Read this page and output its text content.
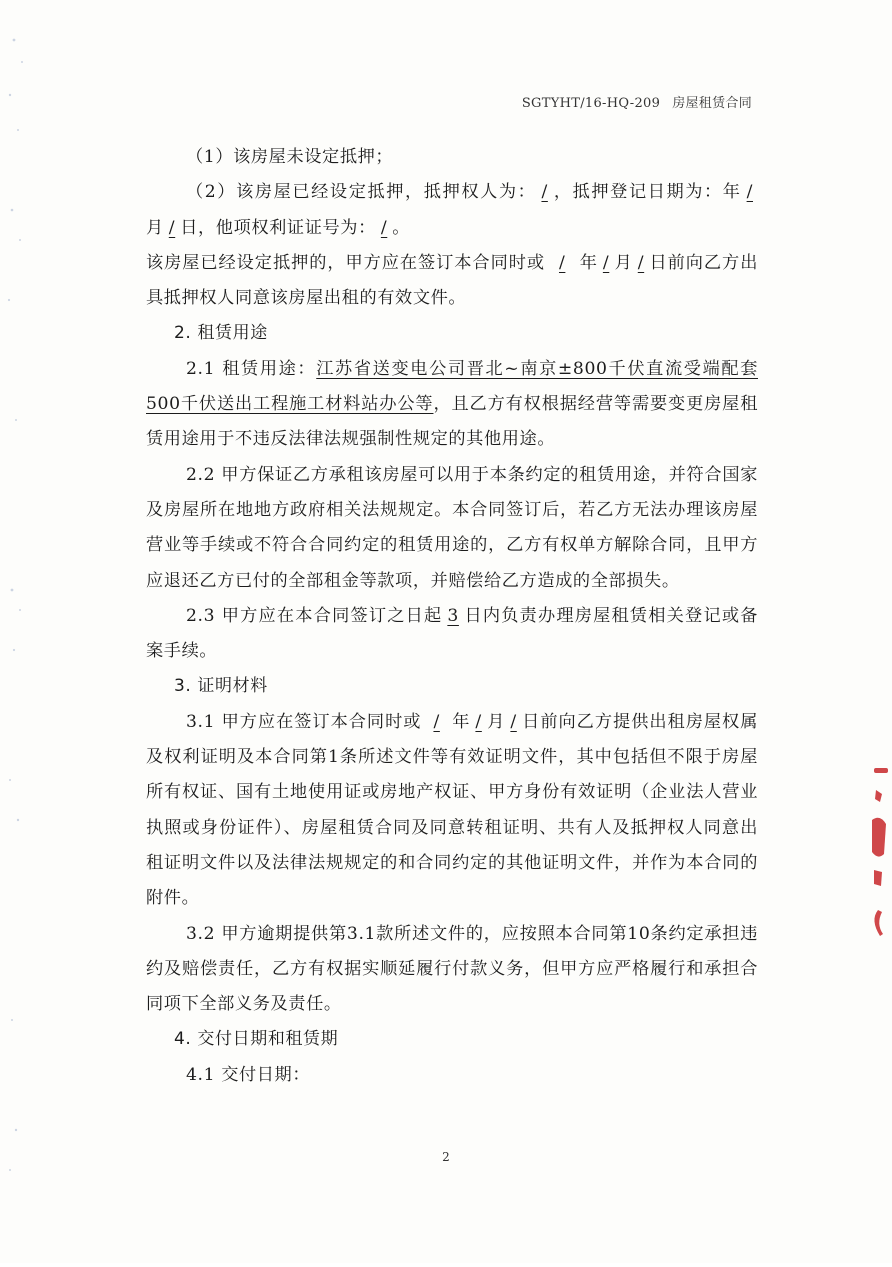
SGTYHT/16-HQ-209 房屋租赁合同

（1）该房屋未设定抵押；

（2）该房屋已经设定抵押，抵押权人为： / ，抵押登记日期为：年 /月 / 日，他项权利证证号为： / 。

该房屋已经设定抵押的，甲方应在签订本合同时或 / 年 / 月 / 日前向乙方出具抵押权人同意该房屋出租的有效文件。

2. 租赁用途

2.1 租赁用途：江苏省送变电公司晋北~南京±800千伏直流受端配套500千伏送出工程施工材料站办公等，且乙方有权根据经营等需要变更房屋租赁用途用于不违反法律法规强制性规定的其他用途。

2.2 甲方保证乙方承租该房屋可以用于本条约定的租赁用途，并符合国家及房屋所在地地方政府相关法规规定。本合同签订后，若乙方无法办理该房屋营业等手续或不符合合同约定的租赁用途的，乙方有权单方解除合同，且甲方应退还乙方已付的全部租金等款项，并赔偿给乙方造成的全部损失。

2.3 甲方应在本合同签订之日起 3 日内负责办理房屋租赁相关登记或备案手续。

3. 证明材料

3.1 甲方应在签订本合同时或 / 年 / 月 / 日前向乙方提供出租房屋权属及权利证明及本合同第1条所述文件等有效证明文件，其中包括但不限于房屋所有权证、国有土地使用证或房地产权证、甲方身份有效证明（企业法人营业执照或身份证件）、房屋租赁合同及同意转租证明、共有人及抵押权人同意出租证明文件以及法律法规规定的和合同约定的其他证明文件，并作为本合同的附件。

3.2 甲方逾期提供第3.1款所述文件的，应按照本合同第10条约定承担违约及赔偿责任，乙方有权据实顺延履行付款义务，但甲方应严格履行和承担合同项下全部义务及责任。

4. 交付日期和租赁期

4.1 交付日期：

2
